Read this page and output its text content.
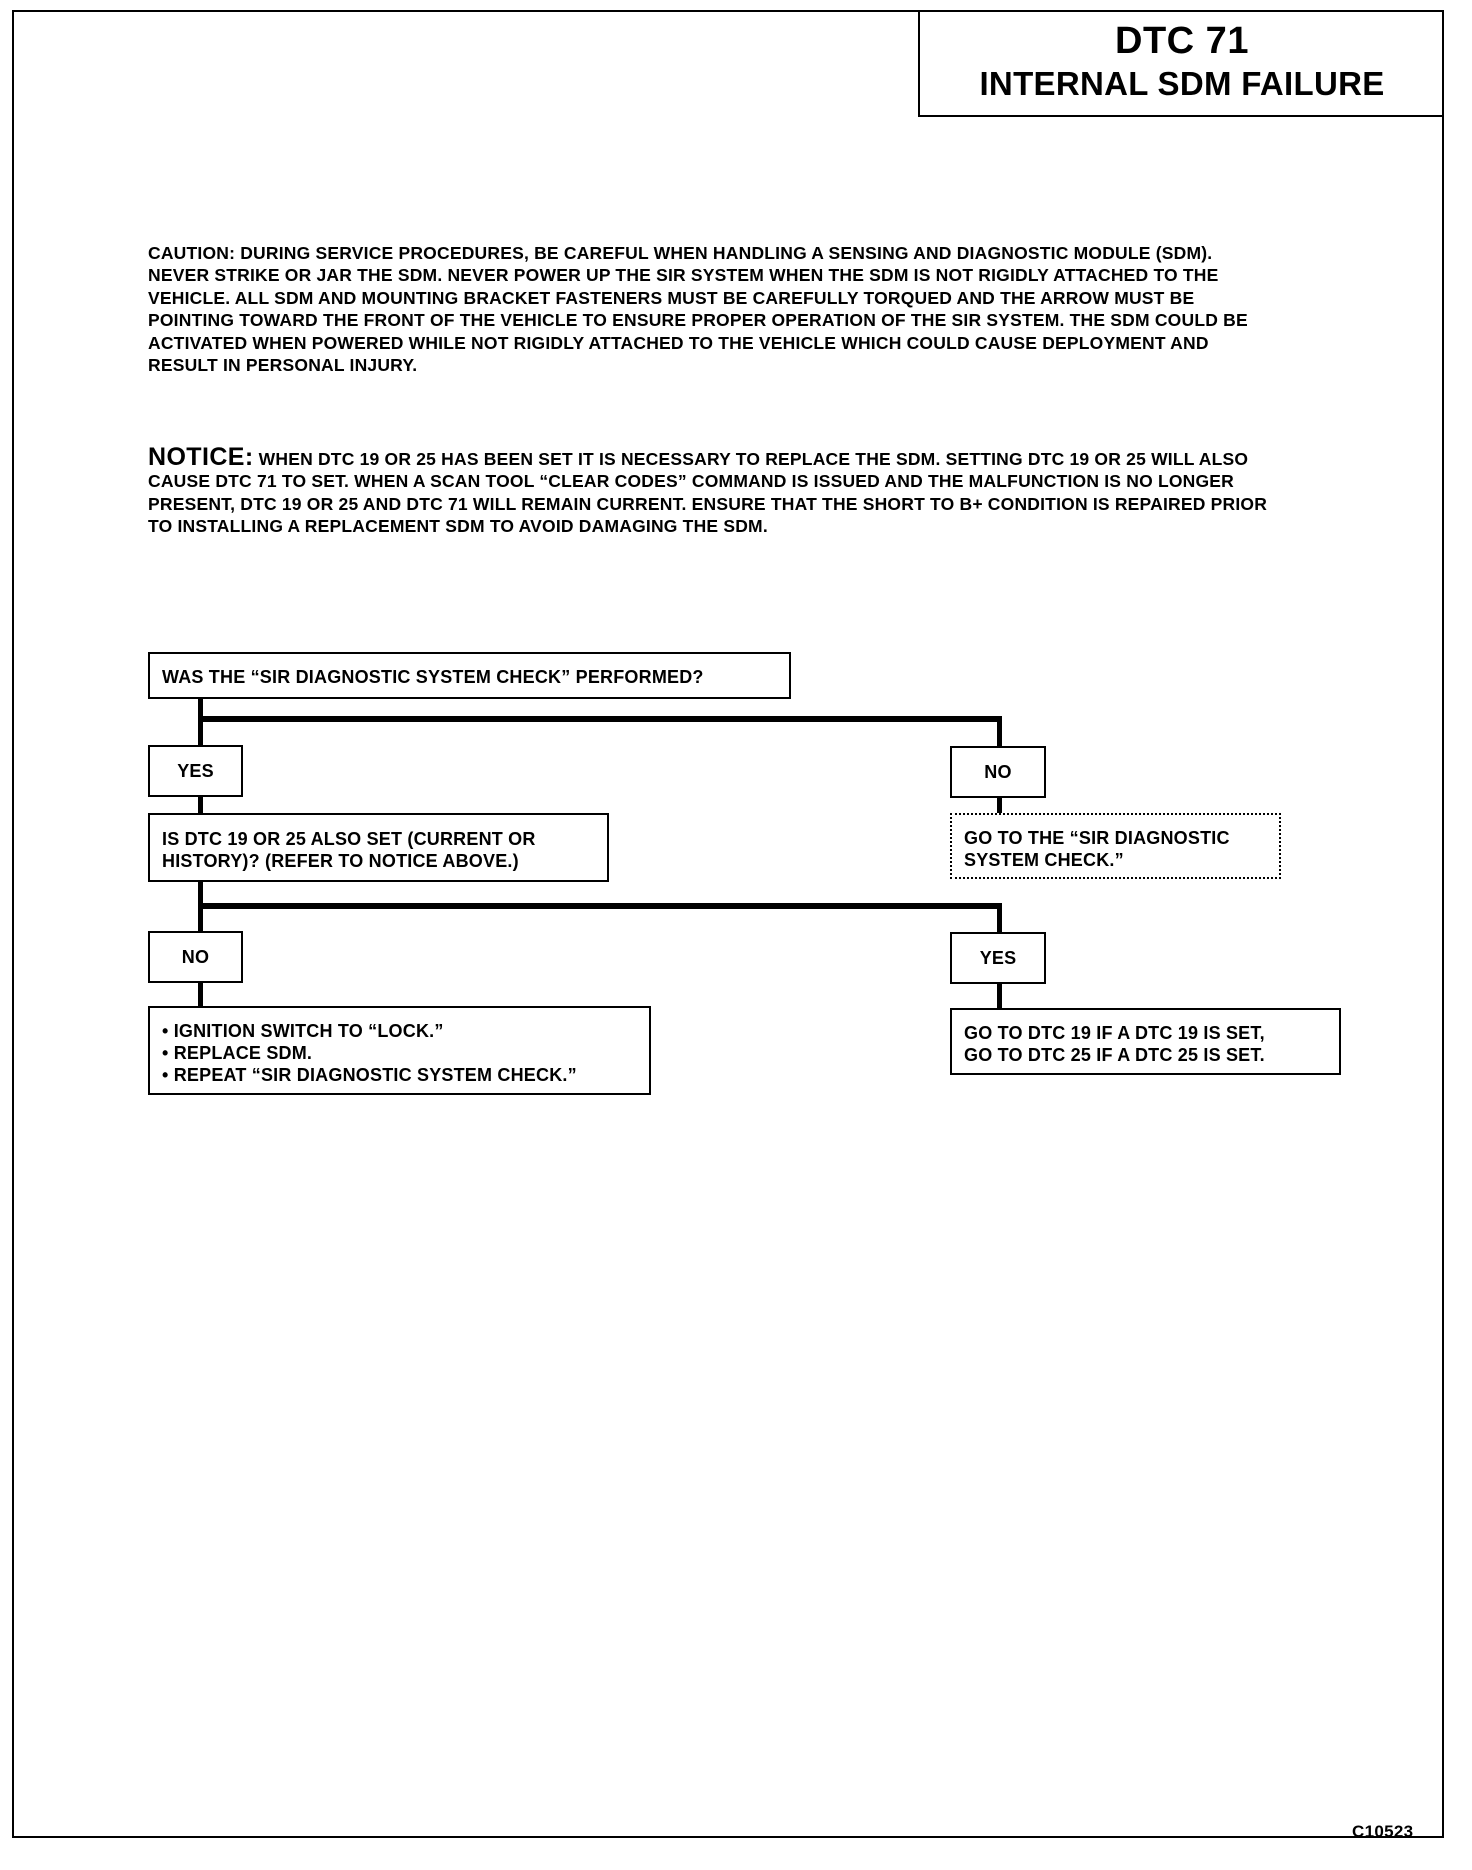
DTC 71
INTERNAL SDM FAILURE
CAUTION: DURING SERVICE PROCEDURES, BE CAREFUL WHEN HANDLING A SENSING AND DIAGNOSTIC MODULE (SDM). NEVER STRIKE OR JAR THE SDM. NEVER POWER UP THE SIR SYSTEM WHEN THE SDM IS NOT RIGIDLY ATTACHED TO THE VEHICLE. ALL SDM AND MOUNTING BRACKET FASTENERS MUST BE CAREFULLY TORQUED AND THE ARROW MUST BE POINTING TOWARD THE FRONT OF THE VEHICLE TO ENSURE PROPER OPERATION OF THE SIR SYSTEM. THE SDM COULD BE ACTIVATED WHEN POWERED WHILE NOT RIGIDLY ATTACHED TO THE VEHICLE WHICH COULD CAUSE DEPLOYMENT AND RESULT IN PERSONAL INJURY.
NOTICE: WHEN DTC 19 OR 25 HAS BEEN SET IT IS NECESSARY TO REPLACE THE SDM. SETTING DTC 19 OR 25 WILL ALSO CAUSE DTC 71 TO SET. WHEN A SCAN TOOL “CLEAR CODES” COMMAND IS ISSUED AND THE MALFUNCTION IS NO LONGER PRESENT, DTC 19 OR 25 AND DTC 71 WILL REMAIN CURRENT. ENSURE THAT THE SHORT TO B+ CONDITION IS REPAIRED PRIOR TO INSTALLING A REPLACEMENT SDM TO AVOID DAMAGING THE SDM.
WAS THE “SIR DIAGNOSTIC SYSTEM CHECK” PERFORMED?
YES	NO
IS DTC 19 OR 25 ALSO SET (CURRENT OR
HISTORY)? (REFER TO NOTICE ABOVE.)
GO TO THE “SIR DIAGNOSTIC
SYSTEM CHECK.”
NO	YES
• IGNITION SWITCH TO “LOCK.”
• REPLACE SDM.
• REPEAT “SIR DIAGNOSTIC SYSTEM CHECK.”
GO TO DTC 19 IF A DTC 19 IS SET,
GO TO DTC 25 IF A DTC 25 IS SET.
C10523
